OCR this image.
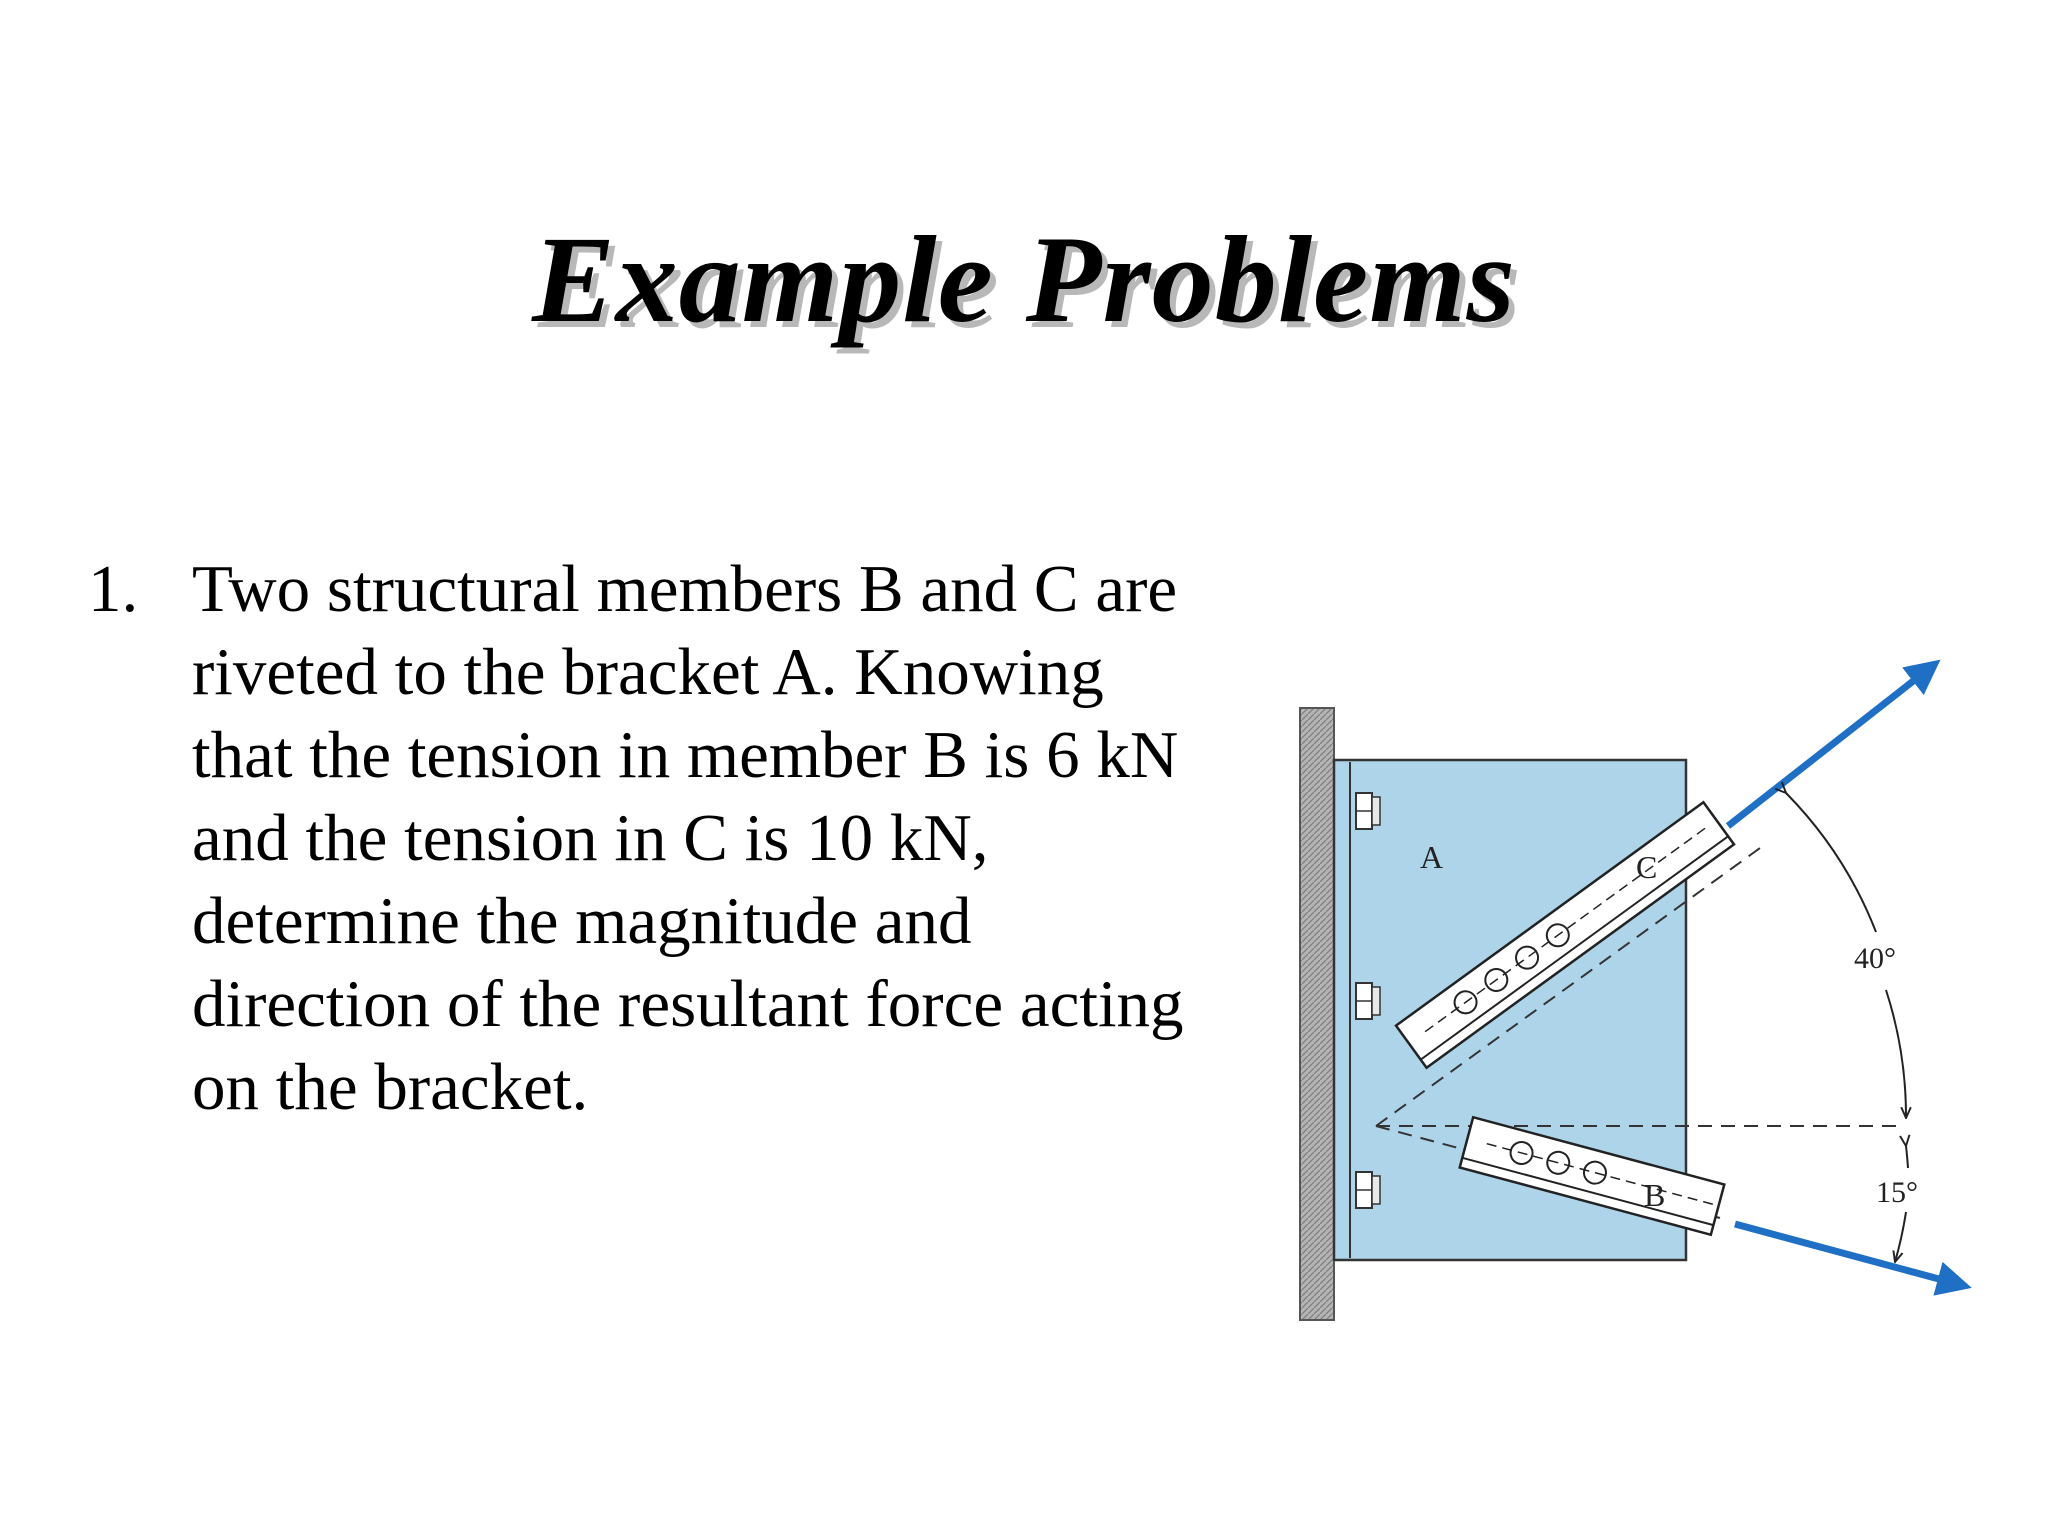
Example Problems
1. Two structural members B and C are
riveted to the bracket A. Knowing
that the tension in member B is 6 kN
and the tension in C is 10 kN,
determine the magnitude and
direction of the resultant force acting
on the bracket.
A	C
B
40°
15°
